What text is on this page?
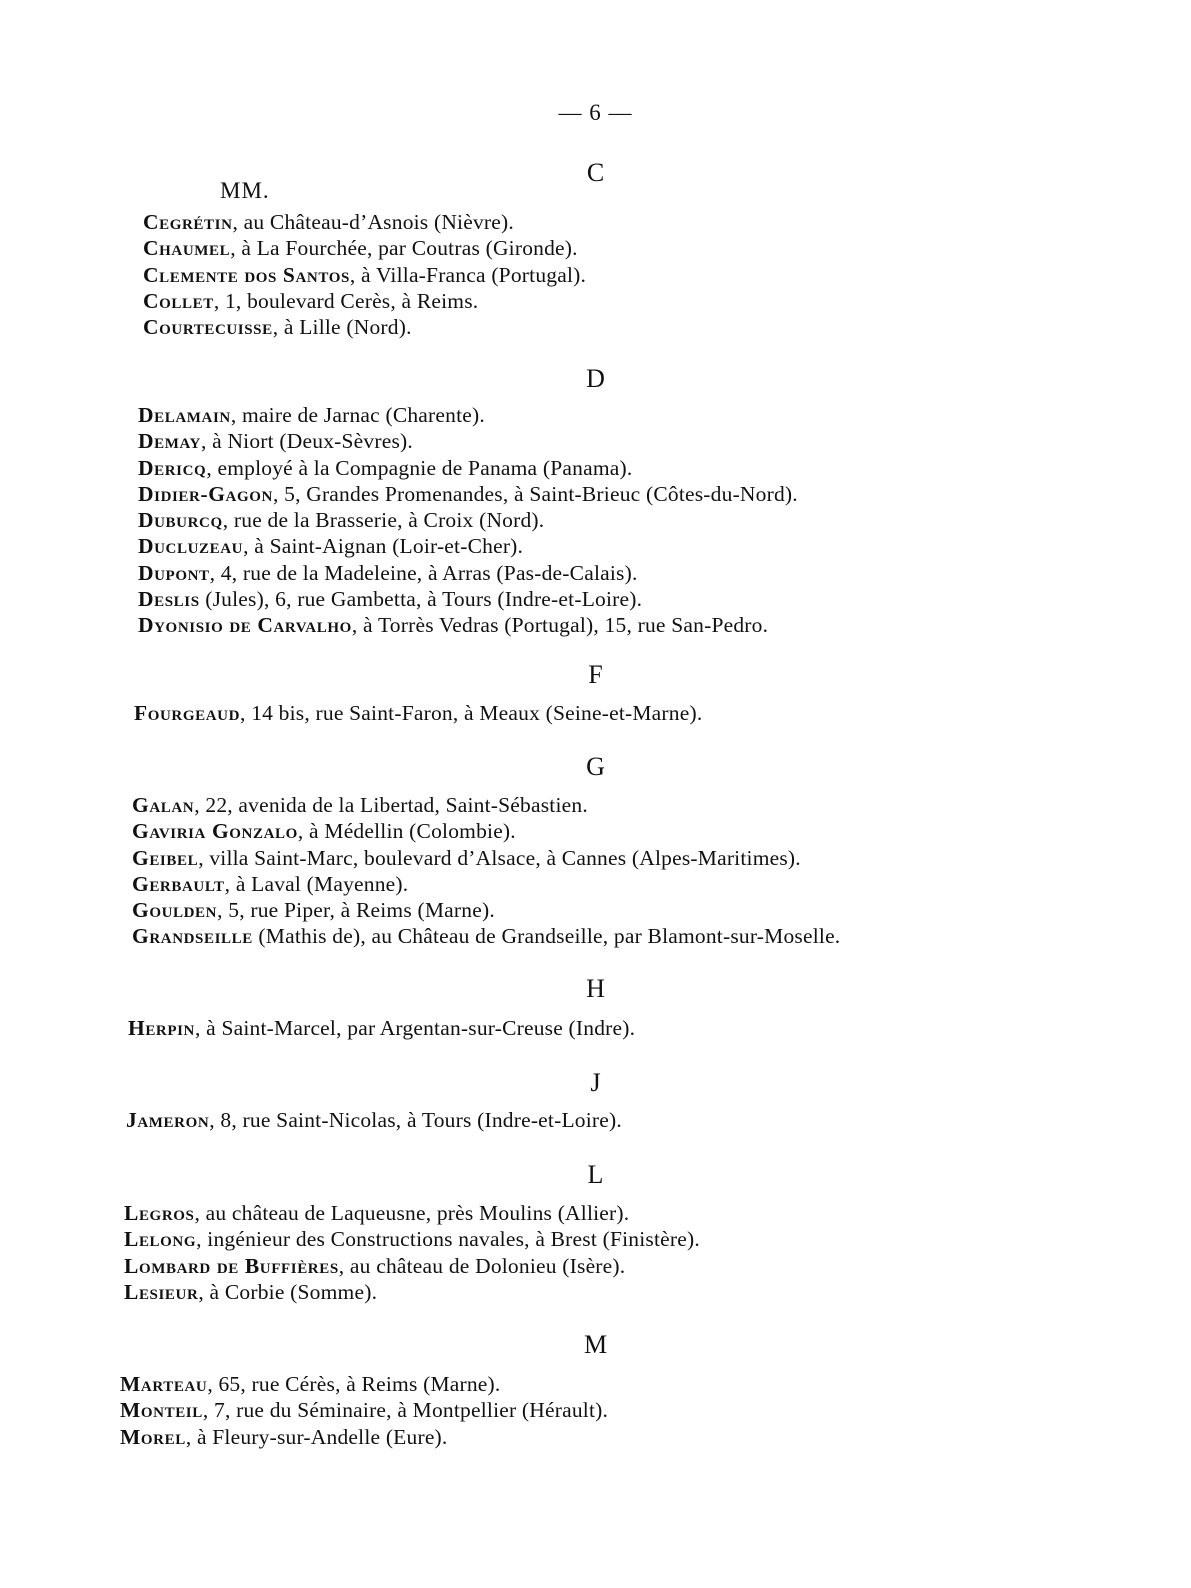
— 6 —
MM.
C
Cegrétin, au Château-d’Asnois (Nièvre).
Chaumel, à La Fourchée, par Coutras (Gironde).
Clemente dos Santos, à Villa-Franca (Portugal).
Collet, 1, boulevard Cerès, à Reims.
Courtecuisse, à Lille (Nord).
D
Delamain, maire de Jarnac (Charente).
Demay, à Niort (Deux-Sèvres).
Dericq, employé à la Compagnie de Panama (Panama).
Didier-Gagon, 5, Grandes Promenandes, à Saint-Brieuc (Côtes-du-Nord).
Duburcq, rue de la Brasserie, à Croix (Nord).
Ducluzeau, à Saint-Aignan (Loir-et-Cher).
Dupont, 4, rue de la Madeleine, à Arras (Pas-de-Calais).
Deslis (Jules), 6, rue Gambetta, à Tours (Indre-et-Loire).
Dyonisio de Carvalho, à Torrès Vedras (Portugal), 15, rue San-Pedro.
F
Fourgeaud, 14 bis, rue Saint-Faron, à Meaux (Seine-et-Marne).
G
Galan, 22, avenida de la Libertad, Saint-Sébastien.
Gaviria Gonzalo, à Médellin (Colombie).
Geibel, villa Saint-Marc, boulevard d’Alsace, à Cannes (Alpes-Maritimes).
Gerbault, à Laval (Mayenne).
Goulden, 5, rue Piper, à Reims (Marne).
Grandseille (Mathis de), au Château de Grandseille, par Blamont-sur-Moselle.
H
Herpin, à Saint-Marcel, par Argentan-sur-Creuse (Indre).
J
Jameron, 8, rue Saint-Nicolas, à Tours (Indre-et-Loire).
L
Legros, au château de Laqueusne, près Moulins (Allier).
Lelong, ingénieur des Constructions navales, à Brest (Finistère).
Lombard de Buffières, au château de Dolonieu (Isère).
Lesieur, à Corbie (Somme).
M
Marteau, 65, rue Cérès, à Reims (Marne).
Monteil, 7, rue du Séminaire, à Montpellier (Hérault).
Morel, à Fleury-sur-Andelle (Eure).
